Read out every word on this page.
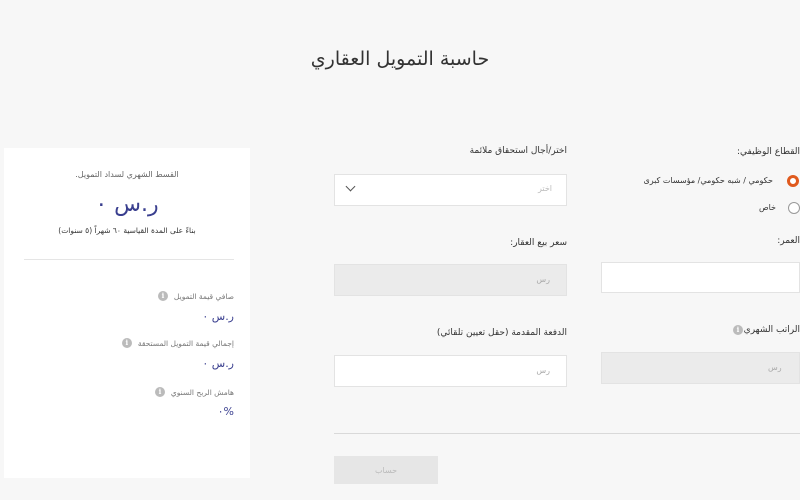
حاسبة التمويل العقاري
القسط الشهري لسداد التمويل.
ر.س ٠
بناءً على المدة القياسية ٦٠ شهراً (٥ سنوات)
صافي قيمة التمويل
i
ر.س ٠
إجمالي قيمة التمويل المستحقة
i
ر.س ٠
هامش الربح السنوي
i
%٠
اختر/أجال استحقاق ملائمة
اختر
سعر بيع العقار:
رس
الدفعة المقدمة (حقل تعيين تلقائي)
رس
القطاع الوظيفي:
حكومي / شبه حكومي/ مؤسسات كبرى
خاص
العمر:
الراتب الشهري
i
رس
حساب
